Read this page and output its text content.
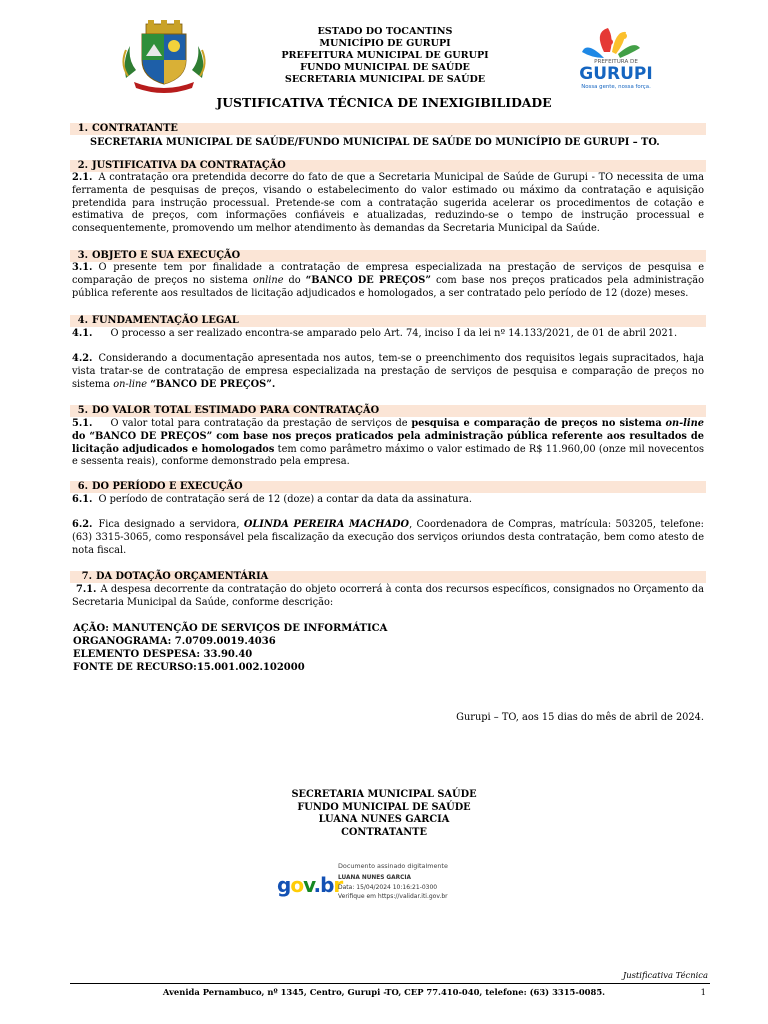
ESTADO DO TOCANTINS
MUNICÍPIO DE GURUPI
PREFEITURA MUNICIPAL DE GURUPI
FUNDO MUNICIPAL DE SAÚDE
SECRETARIA MUNICIPAL DE SAÚDE
PREFEITURA DE
GURUPI
Nossa gente, nossa força.
JUSTIFICATIVA TÉCNICA DE INEXIGIBILIDADE
1. CONTRATANTE

SECRETARIA MUNICIPAL DE SAÚDE/FUNDO MUNICIPAL DE SAÚDE DO MUNICÍPIO DE GURUPI – TO.

2. JUSTIFICATIVA DA CONTRATAÇÃO

2.1. A contratação ora pretendida decorre do fato de que a Secretaria Municipal de Saúde de Gurupi - TO necessita de uma ferramenta de pesquisas de preços, visando o estabelecimento do valor estimado ou máximo da contratação e aquisição pretendida para instrução processual. Pretende-se com a contratação sugerida acelerar os procedimentos de cotação e estimativa de preços, com informações confiáveis e atualizadas, reduzindo-se o tempo de instrução processual e consequentemente, promovendo um melhor atendimento às demandas da Secretaria Municipal da Saúde.

3. OBJETO E SUA EXECUÇÃO

3.1. O presente tem por finalidade a contratação de empresa especializada na prestação de serviços de pesquisa e comparação de preços no sistema online do “BANCO DE PREÇOS” com base nos preços praticados pela administração pública referente aos resultados de licitação adjudicados e homologados, a ser contratado pelo período de 12 (doze) meses.

4. FUNDAMENTAÇÃO LEGAL

4.1. O processo a ser realizado encontra-se amparado pelo Art. 74, inciso I da lei nº 14.133/2021, de 01 de abril 2021.

4.2. Considerando a documentação apresentada nos autos, tem-se o preenchimento dos requisitos legais supracitados, haja vista tratar-se de contratação de empresa especializada na prestação de serviços de pesquisa e comparação de preços no sistema on-line “BANCO DE PREÇOS”.

5. DO VALOR TOTAL ESTIMADO PARA CONTRATAÇÃO

5.1. O valor total para contratação da prestação de serviços de pesquisa e comparação de preços no sistema on-line do “BANCO DE PREÇOS” com base nos preços praticados pela administração pública referente aos resultados de licitação adjudicados e homologados tem como parâmetro máximo o valor estimado de R$ 11.960,00 (onze mil novecentos e sessenta reais), conforme demonstrado pela empresa.

6. DO PERÍODO E EXECUÇÃO

6.1. O período de contratação será de 12 (doze) a contar da data da assinatura.

6.2. Fica designado a servidora, OLINDA PEREIRA MACHADO, Coordenadora de Compras, matrícula: 503205, telefone: (63) 3315-3065, como responsável pela fiscalização da execução dos serviços oriundos desta contratação, bem como atesto de nota fiscal.

7. DA DOTAÇÃO ORÇAMENTÁRIA

7.1. A despesa decorrente da contratação do objeto ocorrerá à conta dos recursos específicos, consignados no Orçamento da Secretaria Municipal da Saúde, conforme descrição:

AÇÃO: MANUTENÇÃO DE SERVIÇOS DE INFORMÁTICA
ORGANOGRAMA: 7.0709.0019.4036
ELEMENTO DESPESA: 33.90.40
FONTE DE RECURSO:15.001.002.102000
Gurupi – TO, aos 15 dias do mês de abril de 2024.
SECRETARIA MUNICIPAL SAÚDE
FUNDO MUNICIPAL DE SAÚDE
LUANA NUNES GARCIA
CONTRATANTE
gov.br
Documento assinado digitalmente
LUANA NUNES GARCIA
Data: 15/04/2024 10:16:21-0300
Verifique em https://validar.iti.gov.br
Justificativa Técnica
Avenida Pernambuco, nº 1345, Centro, Gurupi -TO, CEP 77.410-040, telefone: (63) 3315-0085.	1
